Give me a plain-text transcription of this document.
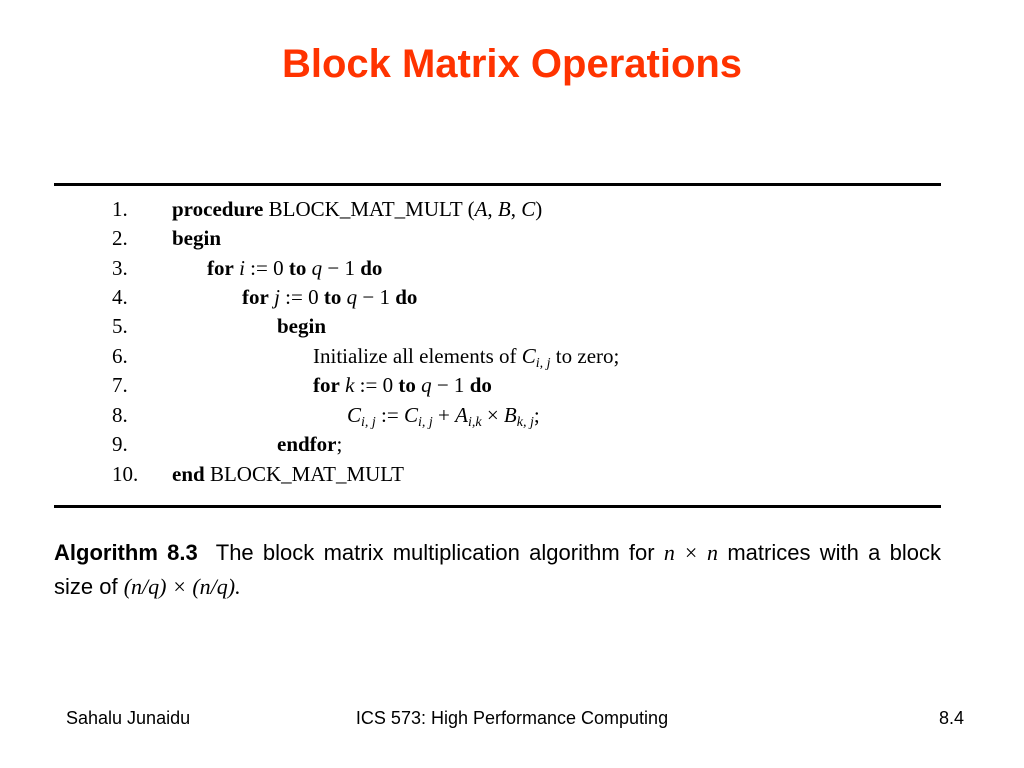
Block Matrix Operations
1.	procedure BLOCK_MAT_MULT (A, B, C)
2.	begin
3.	for i := 0 to q − 1 do
4.	for j := 0 to q − 1 do
5.	begin
6.	Initialize all elements of $C_{i, j}$ to zero;
7.	for k := 0 to q − 1 do
8.	$C_{i, j}$ := $C_{i, j} + A_{i,k} \times B_{k, j}$;
9.	endfor;
10.	end BLOCK_MAT_MULT
Algorithm 8.3 The block matrix multiplication algorithm for n × n matrices with a block size of (n/q) × (n/q).
Sahalu Junaidu	ICS 573: High Performance Computing	8.4
